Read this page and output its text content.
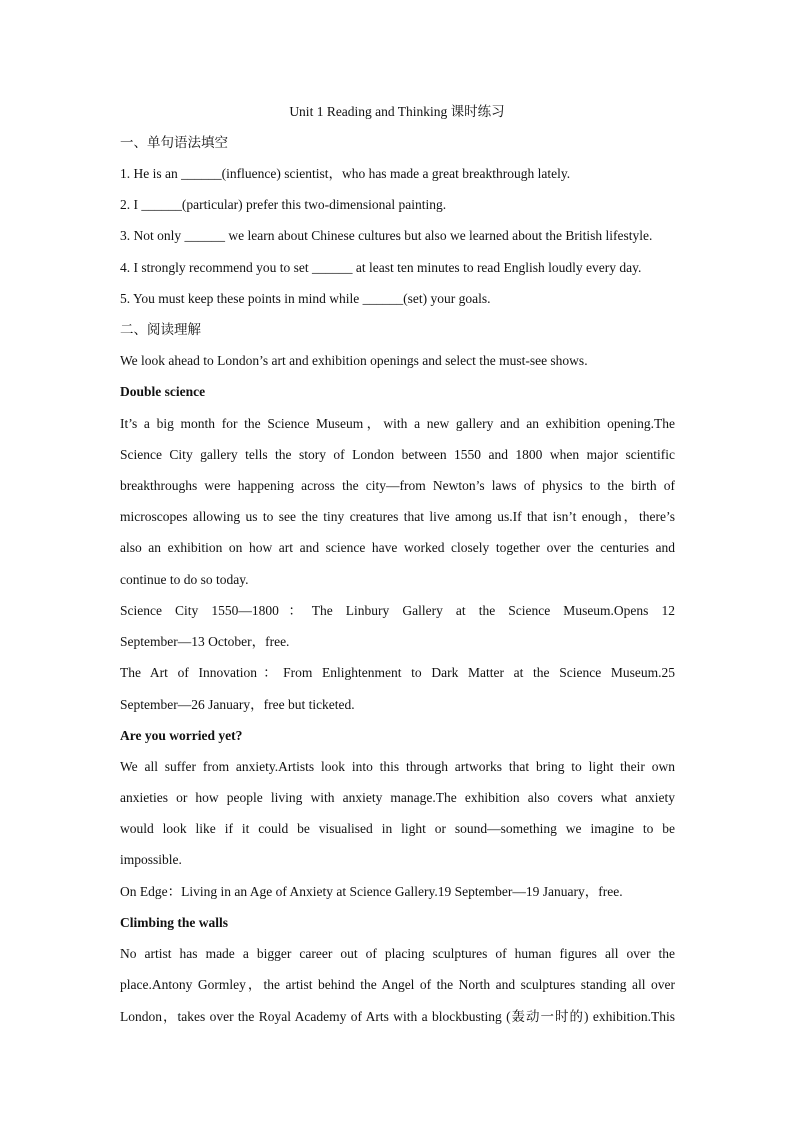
Unit 1 Reading and Thinking 课时练习
一、单句语法填空
1. He is an ______(influence) scientist，who has made a great breakthrough lately.
2. I ______(particular) prefer this two-dimensional painting.
3. Not only ______ we learn about Chinese cultures but also we learned about the British lifestyle.
4. I strongly recommend you to set ______ at least ten minutes to read English loudly every day.
5. You must keep these points in mind while ______(set) your goals.
二、阅读理解
We look ahead to London’s art and exhibition openings and select the must-see shows.
Double science
It’s a big month for the Science Museum，with a new gallery and an exhibition opening.The
Science City gallery tells the story of London between 1550 and 1800 when major scientific
breakthroughs were happening across the city—from Newton’s laws of physics to the birth of
microscopes allowing us to see the tiny creatures that live among us.If that isn’t enough，there’s
also an exhibition on how art and science have worked closely together over the centuries and
continue to do so today.
Science City 1550—1800：The Linbury Gallery at the Science Museum.Opens 12
September—13 October，free.
The Art of Innovation：From Enlightenment to Dark Matter at the Science Museum.25
September—26 January，free but ticketed.
Are you worried yet?
We all suffer from anxiety.Artists look into this through artworks that bring to light their own
anxieties or how people living with anxiety manage.The exhibition also covers what anxiety
would look like if it could be visualised in light or sound—something we imagine to be
impossible.
On Edge：Living in an Age of Anxiety at Science Gallery.19 September—19 January，free.
Climbing the walls
No artist has made a bigger career out of placing sculptures of human figures all over the
place.Antony Gormley，the artist behind the Angel of the North and sculptures standing all over
London，takes over the Royal Academy of Arts with a blockbusting (轰动一时的) exhibition.This
